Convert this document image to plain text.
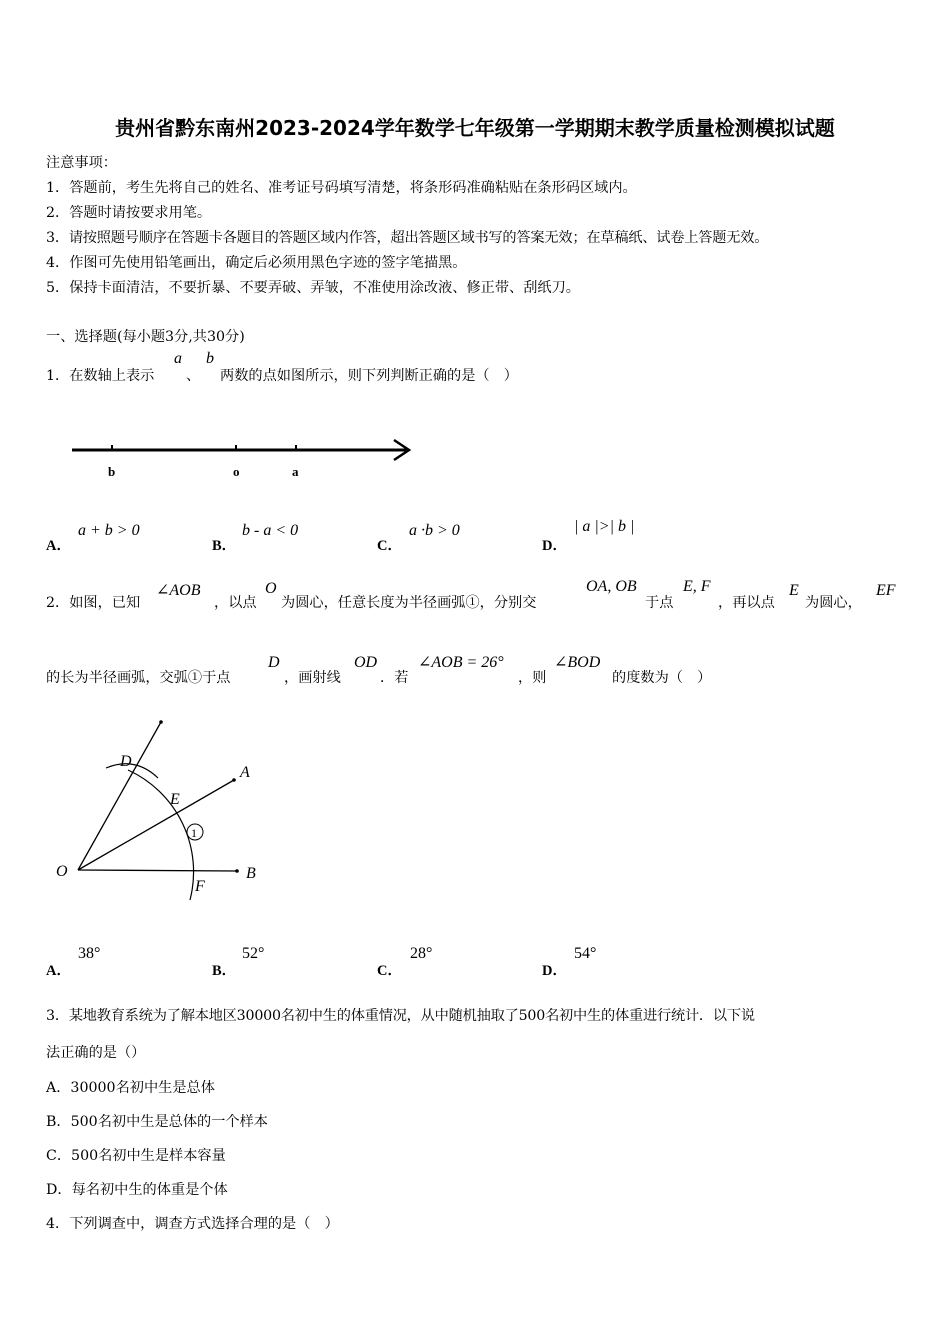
贵州省黔东南州2023-2024学年数学七年级第一学期期末教学质量检测模拟试题
注意事项：
1．答题前，考生先将自己的姓名、准考证号码填写清楚，将条形码准确粘贴在条形码区域内。
2．答题时请按要求用笔。
3．请按照题号顺序在答题卡各题目的答题区域内作答，超出答题区域书写的答案无效；在草稿纸、试卷上答题无效。
4．作图可先使用铅笔画出，确定后必须用黑色字迹的签字笔描黑。
5．保持卡面清洁，不要折暴、不要弄破、弄皱，不准使用涂改液、修正带、刮纸刀。
一、选择题(每小题3分,共30分)
1．在数轴上表示
a
、
b
两数的点如图所示，则下列判断正确的是（　）
b	o	a
A．
a + b > 0
B．
b - a < 0
C．
a ·b > 0
D．
| a |>| b |
2．如图，已知
∠AOB
，以点
O
为圆心，任意长度为半径画弧①，分别交
OA, OB
于点
E, F
，再以点
E
为圆心，
EF
的长为半径画弧，交弧①于点
D
，画射线
OD
．若
∠AOB = 26°
，则
∠BOD
的度数为（　）
O
A
B
D
E
F
1
A．
38°
B．
52°
C．
28°
D．
54°
3．某地教育系统为了解本地区30000名初中生的体重情况，从中随机抽取了500名初中生的体重进行统计．以下说
法正确的是（）
A．30000名初中生是总体
B．500名初中生是总体的一个样本
C．500名初中生是样本容量
D．每名初中生的体重是个体
4．下列调查中，调查方式选择合理的是（　）
